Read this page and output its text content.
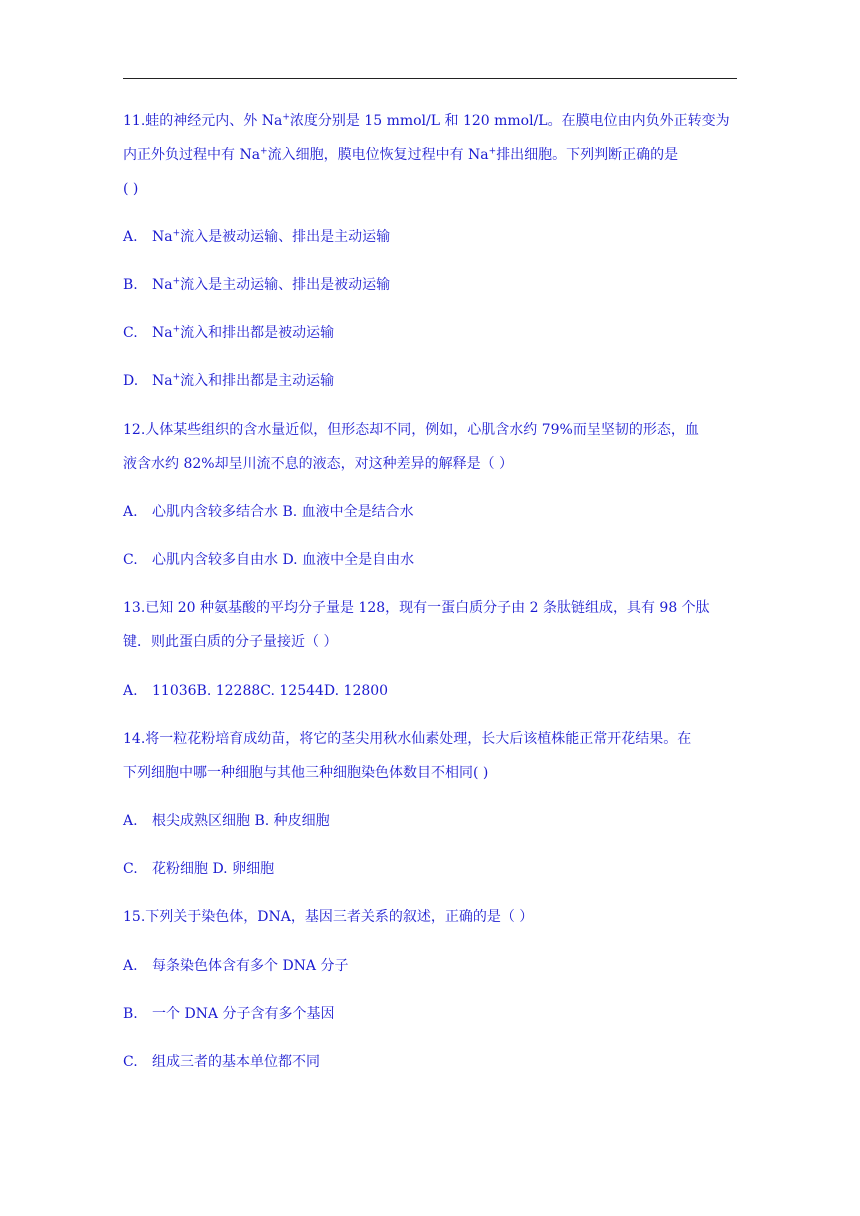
11.蛙的神经元内、外 Na+浓度分别是 15 mmol/L 和 120 mmol/L。在膜电位由内负外正转变为
内正外负过程中有 Na+流入细胞，膜电位恢复过程中有 Na+排出细胞。下列判断正确的是
( )
A. Na+流入是被动运输、排出是主动运输
B. Na+流入是主动运输、排出是被动运输
C. Na+流入和排出都是被动运输
D. Na+流入和排出都是主动运输
12.人体某些组织的含水量近似，但形态却不同，例如，心肌含水约 79%而呈坚韧的形态，血
液含水约 82%却呈川流不息的液态，对这种差异的解释是（ ）
A. 心肌内含较多结合水 B. 血液中全是结合水
C. 心肌内含较多自由水 D. 血液中全是自由水
13.已知 20 种氨基酸的平均分子量是 128，现有一蛋白质分子由 2 条肽链组成，具有 98 个肽
键．则此蛋白质的分子量接近（ ）
A. 11036B. 12288C. 12544D. 12800
14.将一粒花粉培育成幼苗，将它的茎尖用秋水仙素处理，长大后该植株能正常开花结果。在
下列细胞中哪一种细胞与其他三种细胞染色体数目不相同( )
A. 根尖成熟区细胞 B. 种皮细胞
C. 花粉细胞 D. 卵细胞
15.下列关于染色体，DNA，基因三者关系的叙述，正确的是（ ）
A. 每条染色体含有多个 DNA 分子
B. 一个 DNA 分子含有多个基因
C. 组成三者的基本单位都不同
